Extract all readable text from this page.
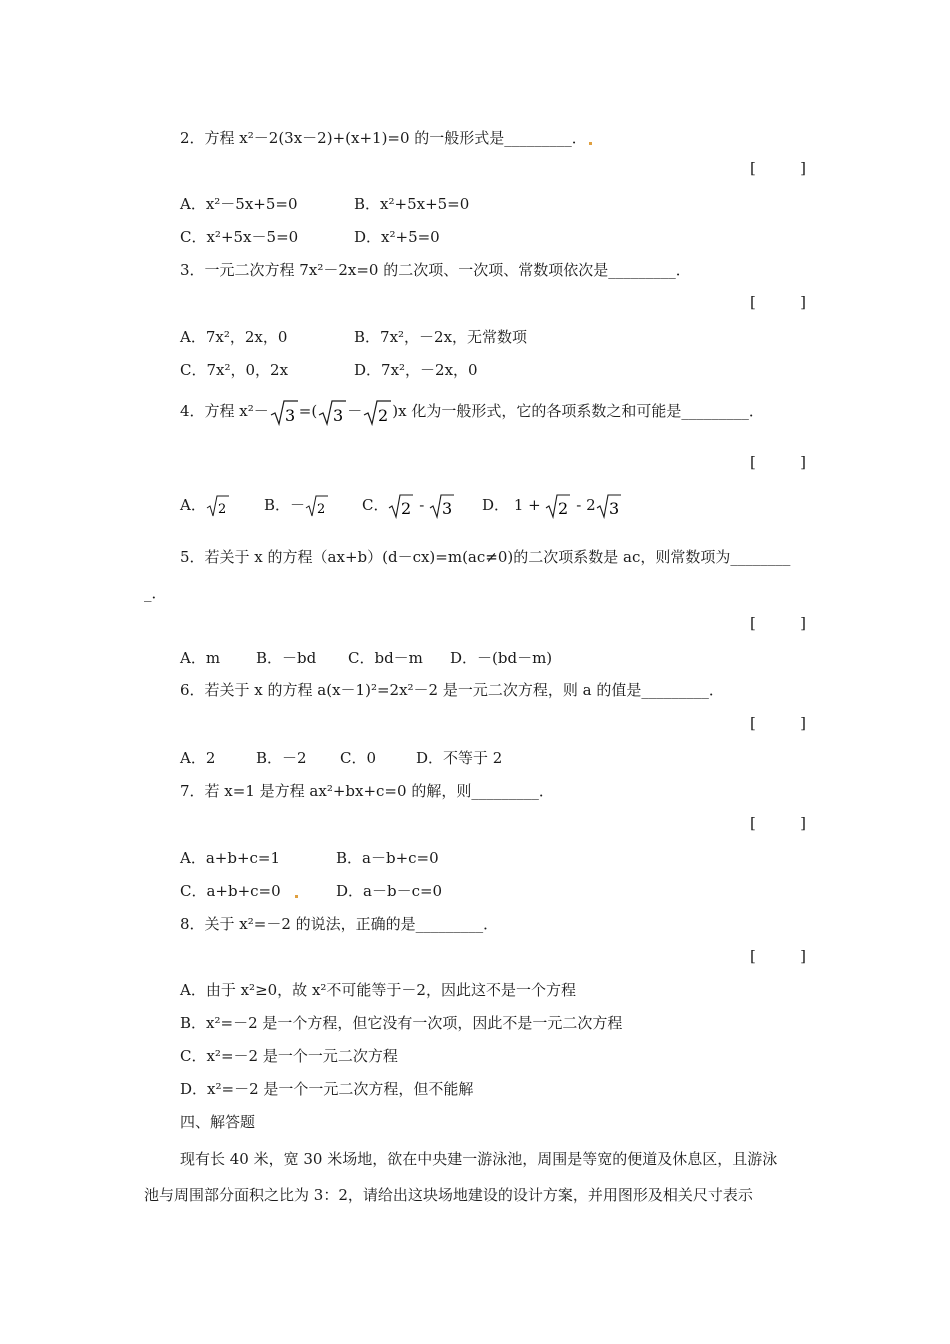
2．方程 x²－2(3x－2)+(x+1)=0 的一般形式是_________．
[	]
A．x²－5x+5=0	B．x²+5x+5=0
C．x²+5x－5=0	D．x²+5=0
3．一元二次方程 7x²－2x=0 的二次项、一次项、常数项依次是_________．
[	]
A．7x²，2x，0	B．7x²，－2x，无常数项
C．7x²，0，2x	D．7x²，－2x，0
4．方程 x²－ 3 =( 3 － 2 )x 化为一般形式，它的各项系数之和可能是_________．
[	]
A． 2	B．－ 2 C． 2 - 3 D． 1 + 2 - 2 3
5．若关于 x 的方程（ax+b）(d－cx)=m(ac≠0)的二次项系数是 ac，则常数项为________
_．
[	]
A．m B．－bd C．bd－m D．－(bd－m)
6．若关于 x 的方程 a(x－1)²=2x²－2 是一元二次方程，则 a 的值是_________．
[	]
A．2	B．－2 C．0	D．不等于 2
7．若 x=1 是方程 ax²+bx+c=0 的解，则_________．
[	]
A．a+b+c=1	B．a－b+c=0
C．a+b+c=0	D．a－b－c=0
8．关于 x²=－2 的说法，正确的是_________．
[	]
A．由于 x²≥0，故 x²不可能等于－2，因此这不是一个方程
B．x²=－2 是一个方程，但它没有一次项，因此不是一元二次方程
C．x²=－2 是一个一元二次方程
D．x²=－2 是一个一元二次方程，但不能解
四、解答题
现有长 40 米，宽 30 米场地，欲在中央建一游泳池，周围是等宽的便道及休息区，且游泳
池与周围部分面积之比为 3：2，请给出这块场地建设的设计方案，并用图形及相关尺寸表示
